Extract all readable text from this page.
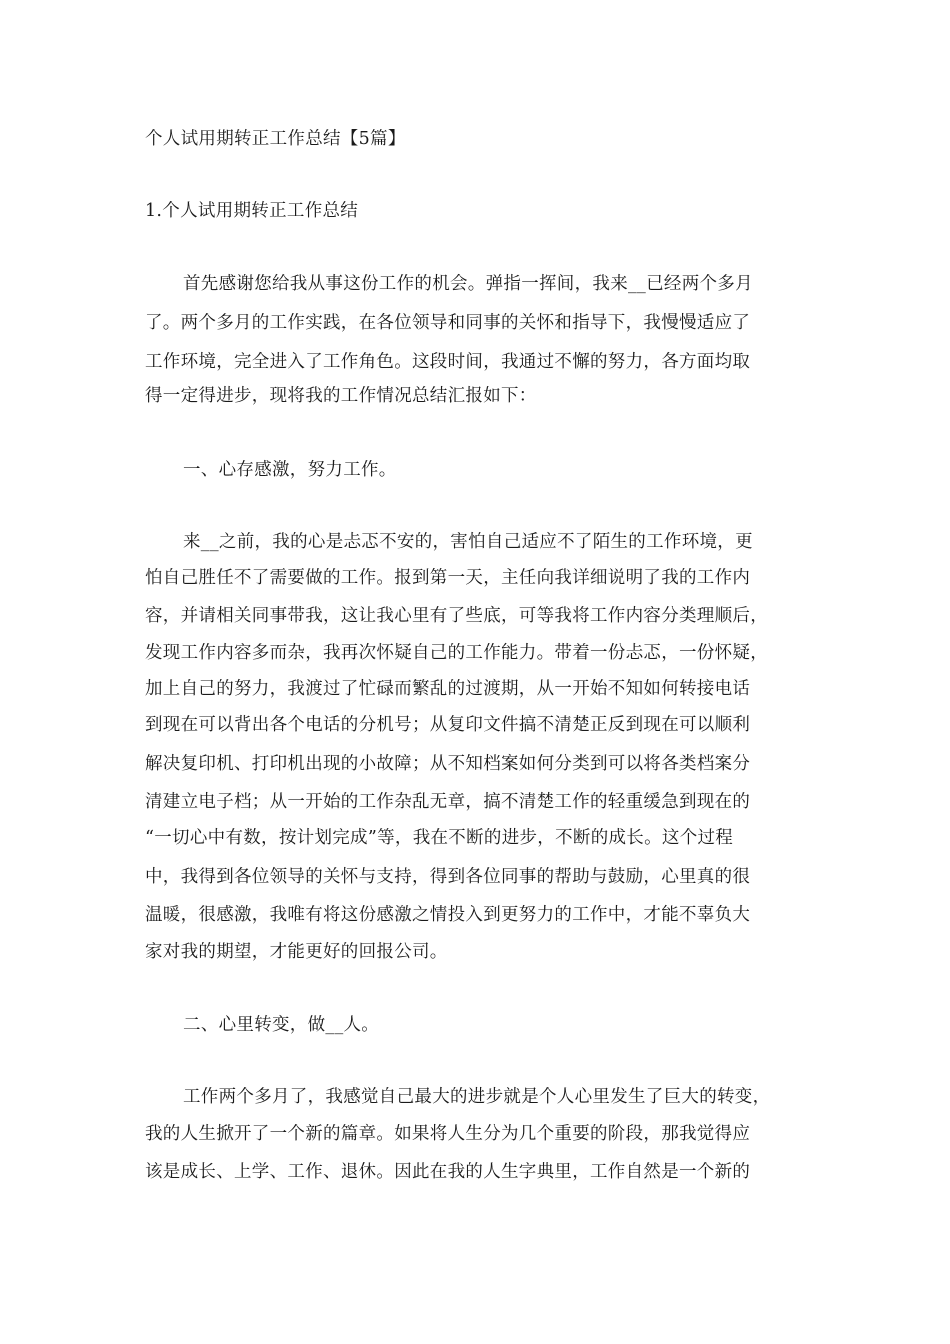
个人试用期转正工作总结【5篇】
1.个人试用期转正工作总结
首先感谢您给我从事这份工作的机会。弹指一挥间，我来__已经两个多月
了。两个多月的工作实践，在各位领导和同事的关怀和指导下，我慢慢适应了
工作环境，完全进入了工作角色。这段时间，我通过不懈的努力，各方面均取
得一定得进步，现将我的工作情况总结汇报如下：
一、心存感激，努力工作。
来__之前，我的心是忐忑不安的，害怕自己适应不了陌生的工作环境，更
怕自己胜任不了需要做的工作。报到第一天，主任向我详细说明了我的工作内
容，并请相关同事带我，这让我心里有了些底，可等我将工作内容分类理顺后，
发现工作内容多而杂，我再次怀疑自己的工作能力。带着一份忐忑，一份怀疑，
加上自己的努力，我渡过了忙碌而繁乱的过渡期，从一开始不知如何转接电话
到现在可以背出各个电话的分机号；从复印文件搞不清楚正反到现在可以顺利
解决复印机、打印机出现的小故障；从不知档案如何分类到可以将各类档案分
清建立电子档；从一开始的工作杂乱无章，搞不清楚工作的轻重缓急到现在的
“一切心中有数，按计划完成”等，我在不断的进步，不断的成长。这个过程
中，我得到各位领导的关怀与支持，得到各位同事的帮助与鼓励，心里真的很
温暖，很感激，我唯有将这份感激之情投入到更努力的工作中，才能不辜负大
家对我的期望，才能更好的回报公司。
二、心里转变，做__人。
工作两个多月了，我感觉自己最大的进步就是个人心里发生了巨大的转变，
我的人生掀开了一个新的篇章。如果将人生分为几个重要的阶段，那我觉得应
该是成长、上学、工作、退休。因此在我的人生字典里，工作自然是一个新的
